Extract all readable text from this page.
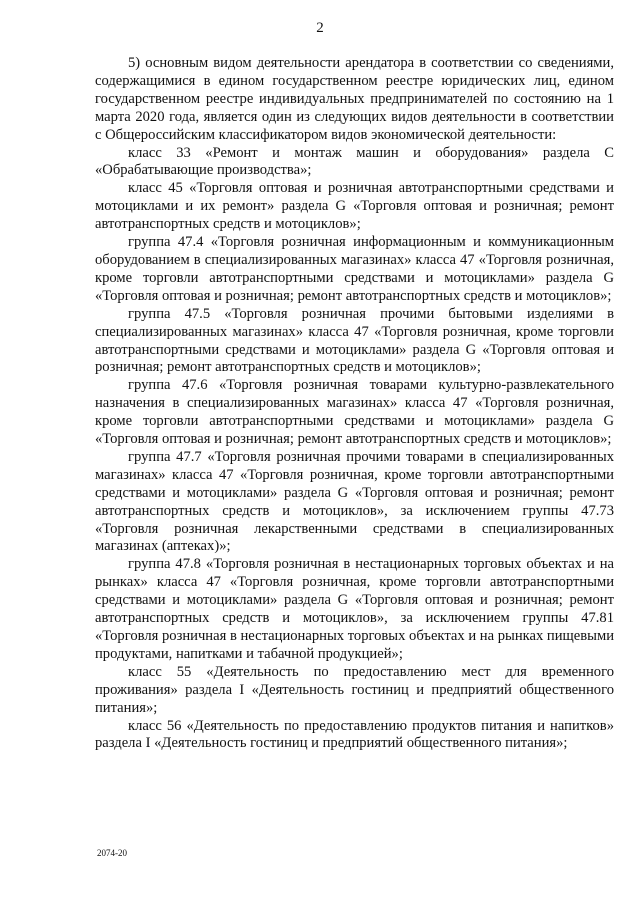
2

5) основным видом деятельности арендатора в соответствии со сведениями, содержащимися в едином государственном реестре юридических лиц, едином государственном реестре индивидуальных предпринимателей по состоянию на 1 марта 2020 года, является один из следующих видов деятельности в соответствии с Общероссийским классификатором видов экономической деятельности:

класс 33 «Ремонт и монтаж машин и оборудования» раздела С «Обрабатывающие производства»;

класс 45 «Торговля оптовая и розничная автотранспортными средствами и мотоциклами и их ремонт» раздела G «Торговля оптовая и розничная; ремонт автотранспортных средств и мотоциклов»;

группа 47.4 «Торговля розничная информационным и коммуникационным оборудованием в специализированных магазинах» класса 47 «Торговля розничная, кроме торговли автотранспортными средствами и мотоциклами» раздела G «Торговля оптовая и розничная; ремонт автотранспортных средств и мотоциклов»;

группа 47.5 «Торговля розничная прочими бытовыми изделиями в специализированных магазинах» класса 47 «Торговля розничная, кроме торговли автотранспортными средствами и мотоциклами» раздела G «Торговля оптовая и розничная; ремонт автотранспортных средств и мотоциклов»;

группа 47.6 «Торговля розничная товарами культурно-развлекательного назначения в специализированных магазинах» класса 47 «Торговля розничная, кроме торговли автотранспортными средствами и мотоциклами» раздела G «Торговля оптовая и розничная; ремонт автотранспортных средств и мотоциклов»;

группа 47.7 «Торговля розничная прочими товарами в специализированных магазинах» класса 47 «Торговля розничная, кроме торговли автотранспортными средствами и мотоциклами» раздела G «Торговля оптовая и розничная; ремонт автотранспортных средств и мотоциклов», за исключением группы 47.73 «Торговля розничная лекарственными средствами в специализированных магазинах (аптеках)»;

группа 47.8 «Торговля розничная в нестационарных торговых объектах и на рынках» класса 47 «Торговля розничная, кроме торговли автотранспортными средствами и мотоциклами» раздела G «Торговля оптовая и розничная; ремонт автотранспортных средств и мотоциклов», за исключением группы 47.81 «Торговля розничная в нестационарных торговых объектах и на рынках пищевыми продуктами, напитками и табачной продукцией»;

класс 55 «Деятельность по предоставлению мест для временного проживания» раздела I «Деятельность гостиниц и предприятий общественного питания»;

класс 56 «Деятельность по предоставлению продуктов питания и напитков» раздела I «Деятельность гостиниц и предприятий общественного питания»;

2074-20
